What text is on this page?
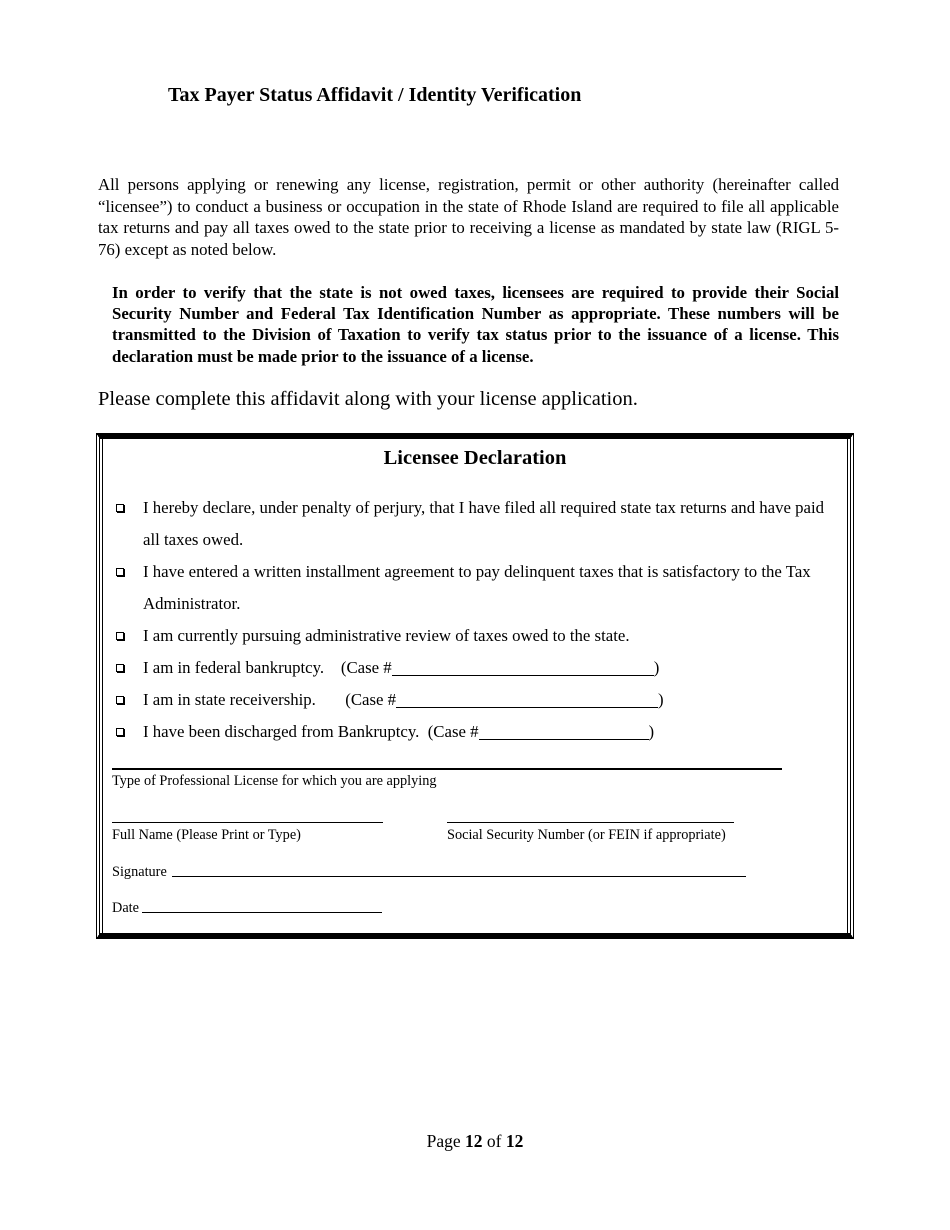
Tax Payer Status Affidavit / Identity Verification

All persons applying or renewing any license, registration, permit or other authority (hereinafter called “licensee”) to conduct a business or occupation in the state of Rhode Island are required to file all applicable tax returns and pay all taxes owed to the state prior to receiving a license as mandated by state law (RIGL 5-76) except as noted below.

In order to verify that the state is not owed taxes, licensees are required to provide their Social Security Number and Federal Tax Identification Number as appropriate. These numbers will be transmitted to the Division of Taxation to verify tax status prior to the issuance of a license. This declaration must be made prior to the issuance of a license.

Please complete this affidavit along with your license application.
Licensee Declaration
I hereby declare, under penalty of perjury, that I have filed all required state tax returns and have paid all taxes owed.
I have entered a written installment agreement to pay delinquent taxes that is satisfactory to the Tax Administrator.
I am currently pursuing administrative review of taxes owed to the state.
I am in federal bankruptcy. (Case #	)
I am in state receivership. (Case #	)
I have been discharged from Bankruptcy. (Case #	)
Type of Professional License for which you are applying
Full Name (Please Print or Type)	Social Security Number (or FEIN if appropriate)
Signature
Date
Page 12 of 12
